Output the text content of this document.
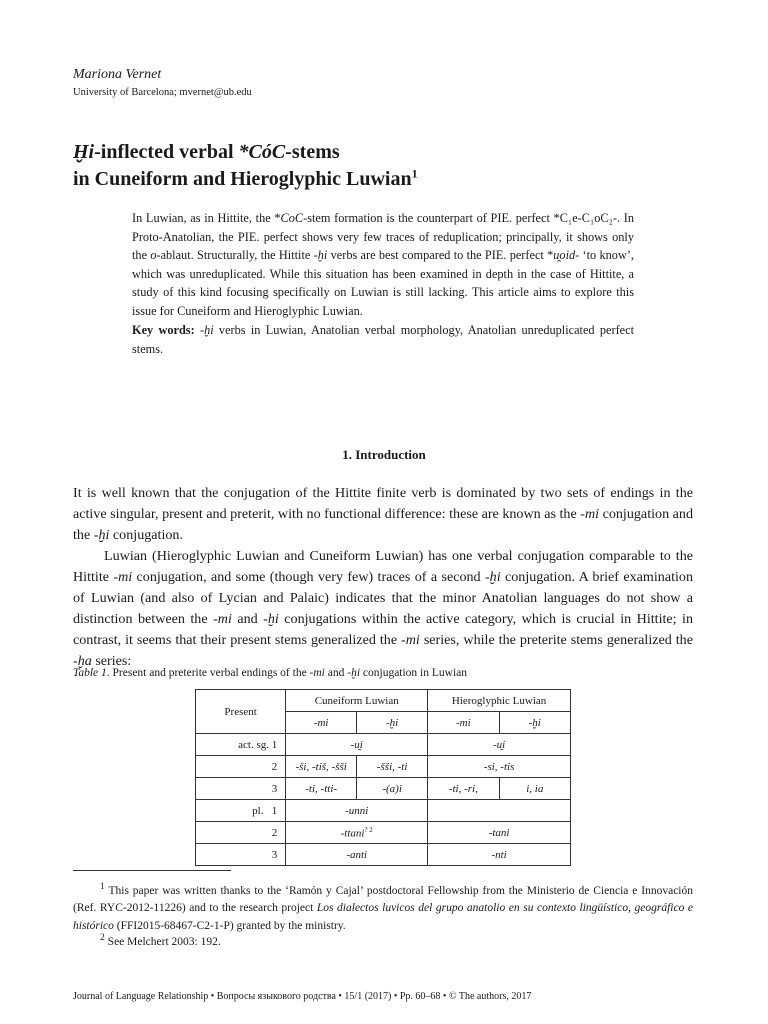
Mariona Vernet

University of Barcelona; mvernet@ub.edu

Ḫi-inflected verbal *CóC-stems
in Cuneiform and Hieroglyphic Luwian$^1$

In Luwian, as in Hittite, the *CoC-stem formation is the counterpart of PIE. perfect *C₁e-C₁oC₂-. In Proto-Anatolian, the PIE. perfect shows very few traces of reduplication; principally, it shows only the o-ablaut. Structurally, the Hittite -ḫi verbs are best compared to the PIE. perfect *u̯oid- ‘to know’, which was unreduplicated. While this situation has been examined in depth in the case of Hittite, a study of this kind focusing specifically on Luwian is still lacking. This article aims to explore this issue for Cuneiform and Hieroglyphic Luwian.

Key words: -ḫi verbs in Luwian, Anatolian verbal morphology, Anatolian unreduplicated perfect stems.

1. Introduction

It is well known that the conjugation of the Hittite finite verb is dominated by two sets of endings in the active singular, present and preterit, with no functional difference: these are known as the -mi conjugation and the -ḫi conjugation.

Luwian (Hieroglyphic Luwian and Cuneiform Luwian) has one verbal conjugation comparable to the Hittite -mi conjugation, and some (though very few) traces of a second -ḫi conjugation. A brief examination of Luwian (and also of Lycian and Palaic) indicates that the minor Anatolian languages do not show a distinction between the -mi and -ḫi conjugations within the active category, which is crucial in Hittite; in contrast, it seems that their present stems generalized the -mi series, while the preterite stems generalized the -ḫa series:

Table 1. Present and preterite verbal endings of the -mi and -ḫi conjugation in Luwian

Present	Cuneiform Luwian		Hieroglyphic Luwian	
	-mi	-ḫi	-mi	-ḫi
act. sg. 1	-u̯i		-u̯i	
2	-ši, -tiš, -šši	-šši, -ti	-si, -tis	
3	-ti, -tti-	-(a)i	-ti, -ri,	i, ia
pl.   1	-unni			
2	-ttani$^{? 2}$		-tani	
3	-anti		-nti	

$^1$ This paper was written thanks to the ‘Ramón y Cajal’ postdoctoral Fellowship from the Ministerio de Ciencia e Innovación (Ref. RYC-2012-11226) and to the research project Los dialectos luvicos del grupo anatolio en su contexto lingüístico, geográfico e histórico (FFI2015-68467-C2-1-P) granted by the ministry.

$^2$ See Melchert 2003: 192.

Journal of Language Relationship • Вопросы языкового родства • 15/1 (2017) • Pp. 60–68 • © The authors, 2017
